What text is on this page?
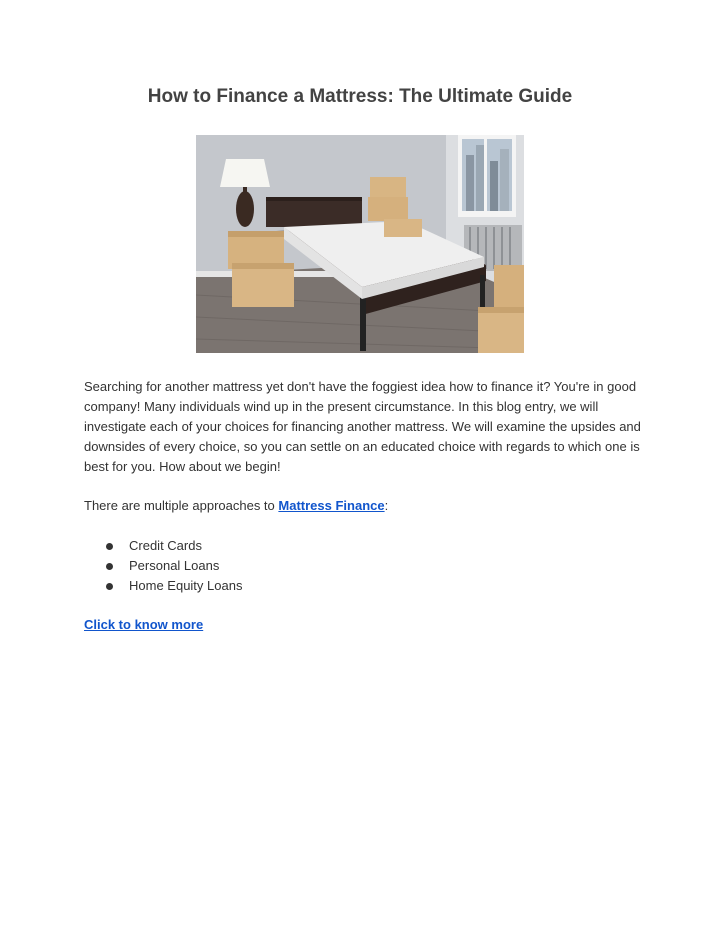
How to Finance a Mattress: The Ultimate Guide

Searching for another mattress yet don't have the foggiest idea how to finance it? You're in good company! Many individuals wind up in the present circumstance. In this blog entry, we will investigate each of your choices for financing another mattress. We will examine the upsides and downsides of every choice, so you can settle on an educated choice with regards to which one is best for you. How about we begin!

There are multiple approaches to Mattress Finance:

Credit Cards
Personal Loans
Home Equity Loans
Click to know more
